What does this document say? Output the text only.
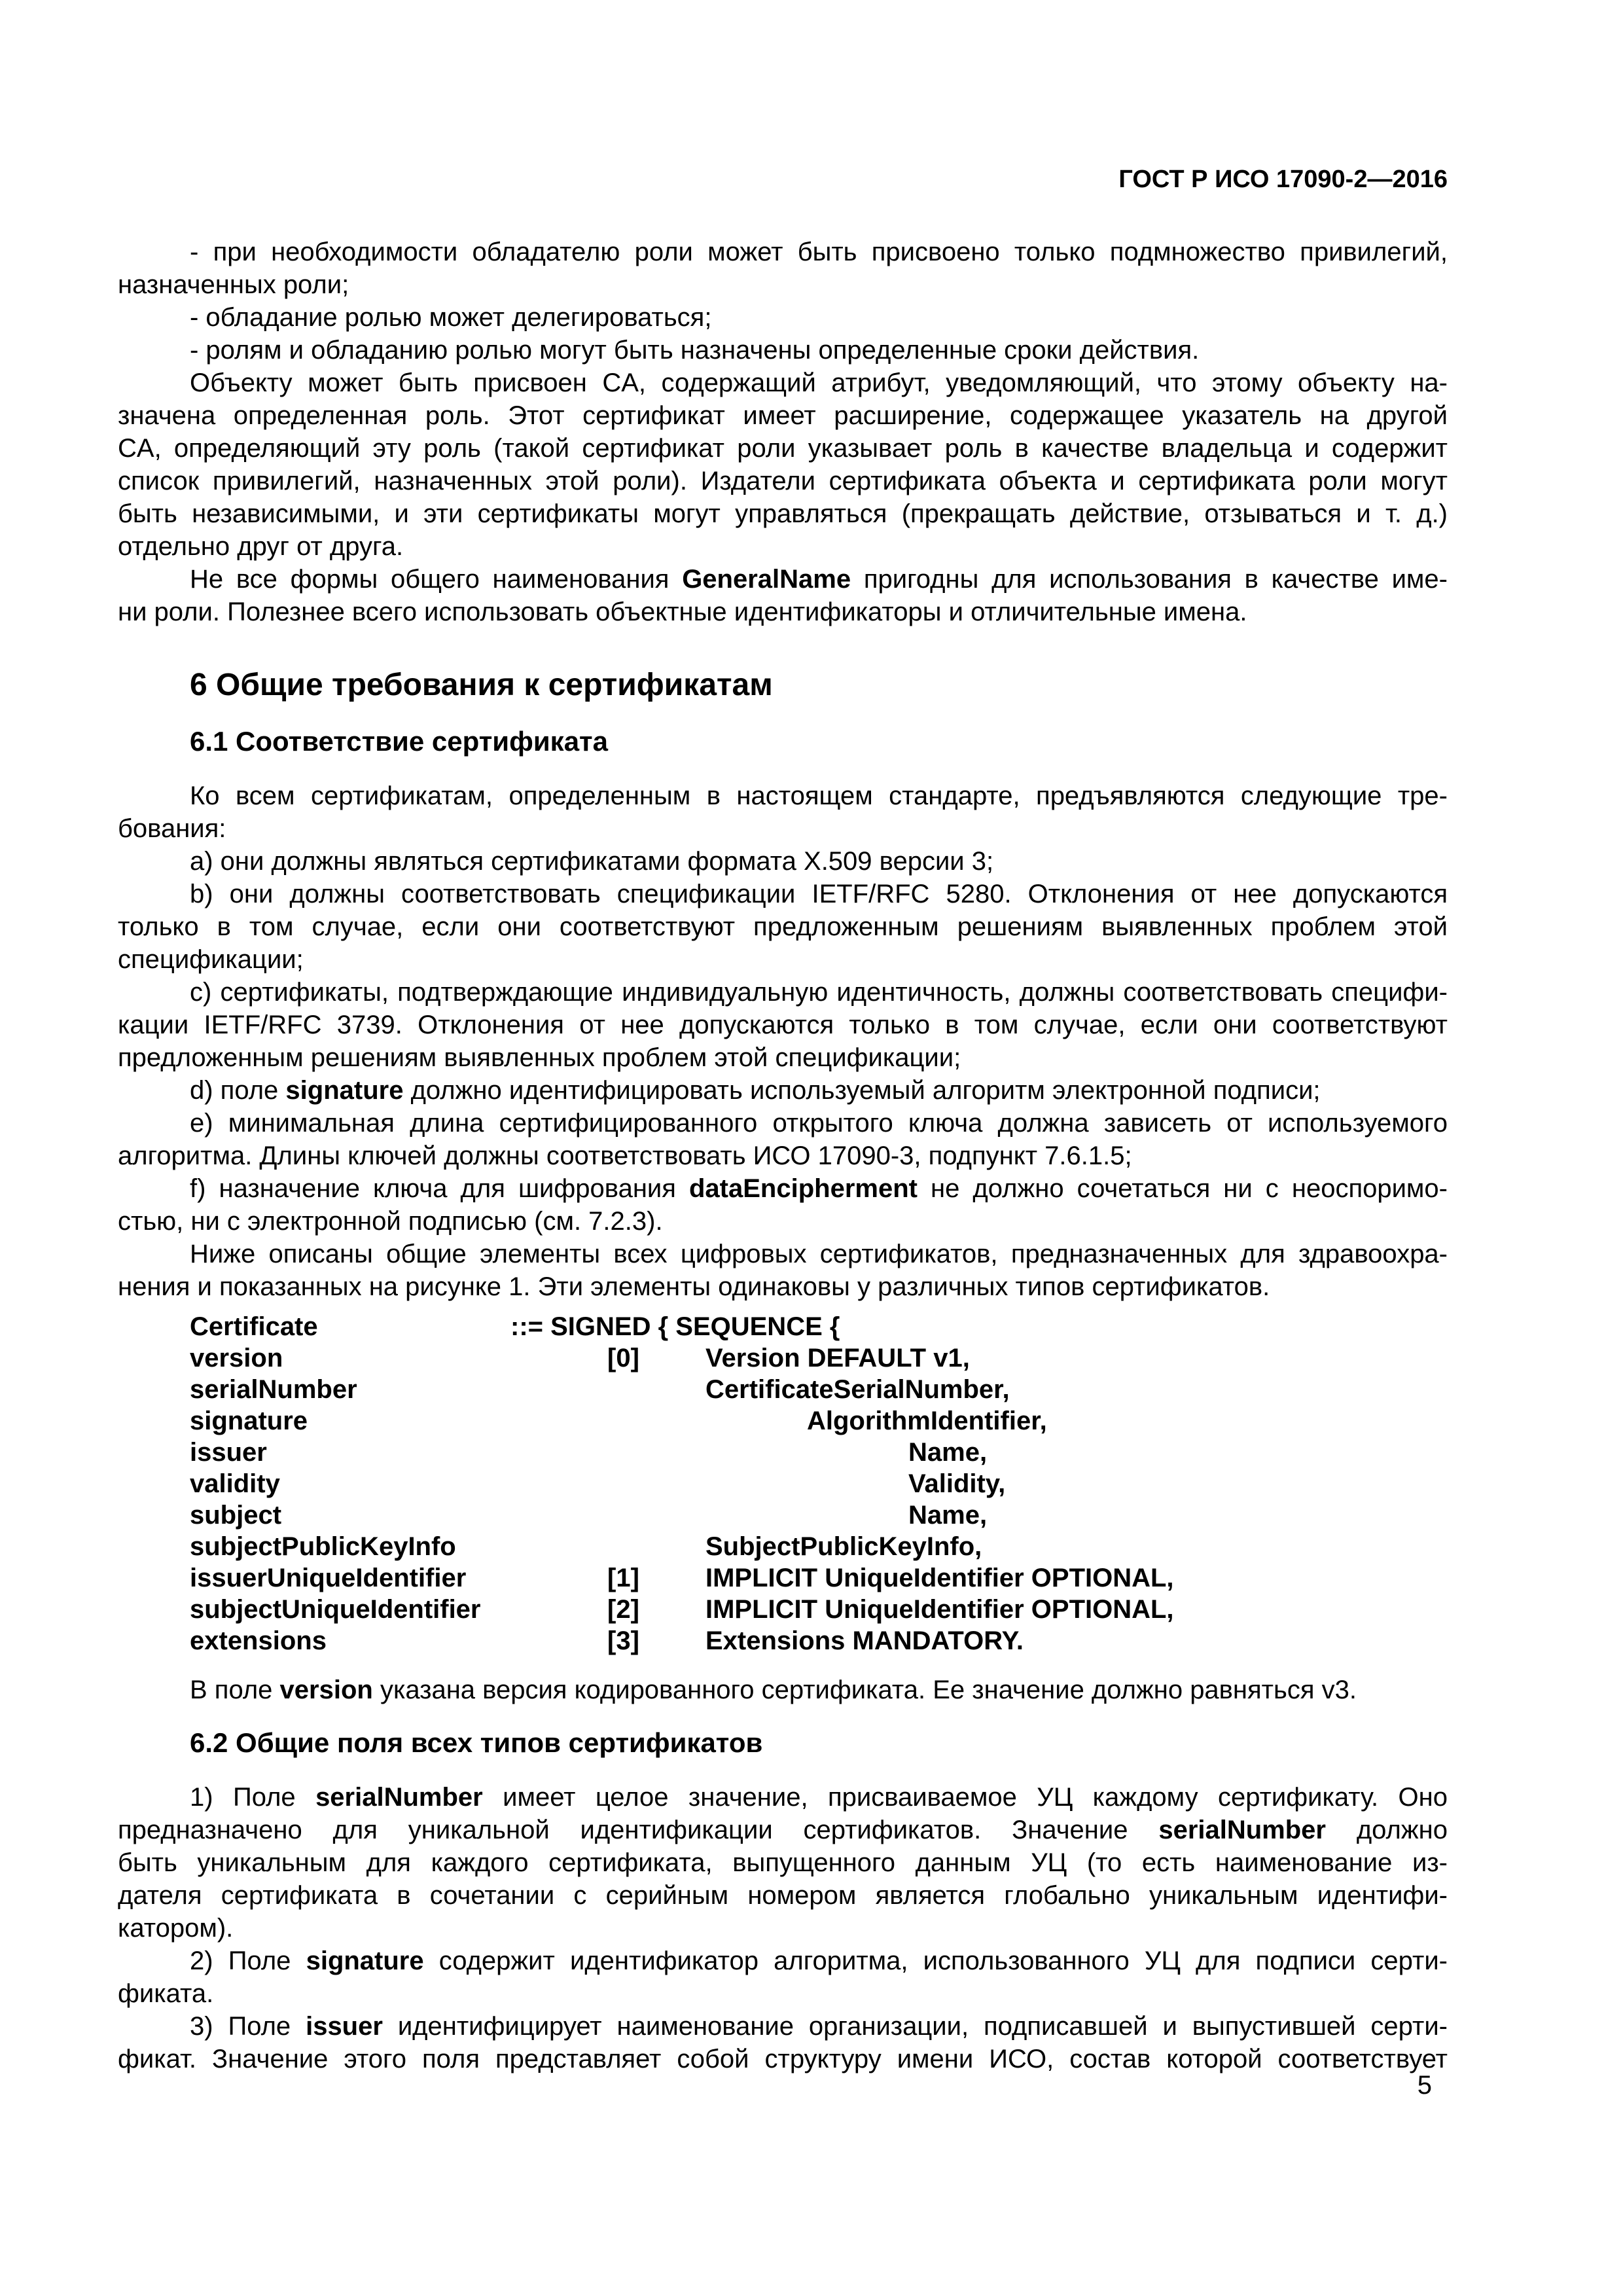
ГОСТ Р ИСО 17090-2—2016
- при необходимости обладателю роли может быть присвоено только подмножество привилегий,
назначенных роли;
- обладание ролью может делегироваться;
- ролям и обладанию ролью могут быть назначены определенные сроки действия.
Объекту может быть присвоен CA, содержащий атрибут, уведомляющий, что этому объекту на-
значена определенная роль. Этот сертификат имеет расширение, содержащее указатель на другой
CA, определяющий эту роль (такой сертификат роли указывает роль в качестве владельца и содержит
список привилегий, назначенных этой роли). Издатели сертификата объекта и сертификата роли могут
быть независимыми, и эти сертификаты могут управляться (прекращать действие, отзываться и т. д.)
отдельно друг от друга.
Не все формы общего наименования GeneralName пригодны для использования в качестве име-
ни роли. Полезнее всего использовать объектные идентификаторы и отличительные имена.
6 Общие требования к сертификатам
6.1 Соответствие сертификата
Ко всем сертификатам, определенным в настоящем стандарте, предъявляются следующие тре-
бования:
a) они должны являться сертификатами формата X.509 версии 3;
b) они должны соответствовать спецификации IETF/RFC 5280. Отклонения от нее допускаются
только в том случае, если они соответствуют предложенным решениям выявленных проблем этой
спецификации;
c) сертификаты, подтверждающие индивидуальную идентичность, должны соответствовать специфи-
кации IETF/RFC 3739. Отклонения от нее допускаются только в том случае, если они соответствуют
предложенным решениям выявленных проблем этой спецификации;
d) поле signature должно идентифицировать используемый алгоритм электронной подписи;
e) минимальная длина сертифицированного открытого ключа должна зависеть от используемого
алгоритма. Длины ключей должны соответствовать ИСО 17090-3, подпункт 7.6.1.5;
f) назначение ключа для шифрования dataEncipherment не должно сочетаться ни с неоспоримо-
стью, ни с электронной подписью (см. 7.2.3).
Ниже описаны общие элементы всех цифровых сертификатов, предназначенных для здравоохра-
нения и показанных на рисунке 1. Эти элементы одинаковы у различных типов сертификатов.
Certificate	::= SIGNED { SEQUENCE {
version	[0]	Version DEFAULT v1,
serialNumber	CertificateSerialNumber,
signature	AlgorithmIdentifier,
issuer	Name,
validity	Validity,
subject	Name,
subjectPublicKeyInfo	SubjectPublicKeyInfo,
issuerUniqueIdentifier	[1]	IMPLICIT UniqueIdentifier OPTIONAL,
subjectUniqueIdentifier	[2]	IMPLICIT UniqueIdentifier OPTIONAL,
extensions	[3]	Extensions MANDATORY.
В поле version указана версия кодированного сертификата. Ее значение должно равняться v3.
6.2 Общие поля всех типов сертификатов
1) Поле serialNumber имеет целое значение, присваиваемое УЦ каждому сертификату. Оно
предназначено для уникальной идентификации сертификатов. Значение serialNumber должно
быть уникальным для каждого сертификата, выпущенного данным УЦ (то есть наименование из-
дателя сертификата в сочетании с серийным номером является глобально уникальным идентифи-
катором).
2) Поле signature содержит идентификатор алгоритма, использованного УЦ для подписи серти-
фиката.
3) Поле issuer идентифицирует наименование организации, подписавшей и выпустившей серти-
фикат. Значение этого поля представляет собой структуру имени ИСО, состав которой соответствует
5
